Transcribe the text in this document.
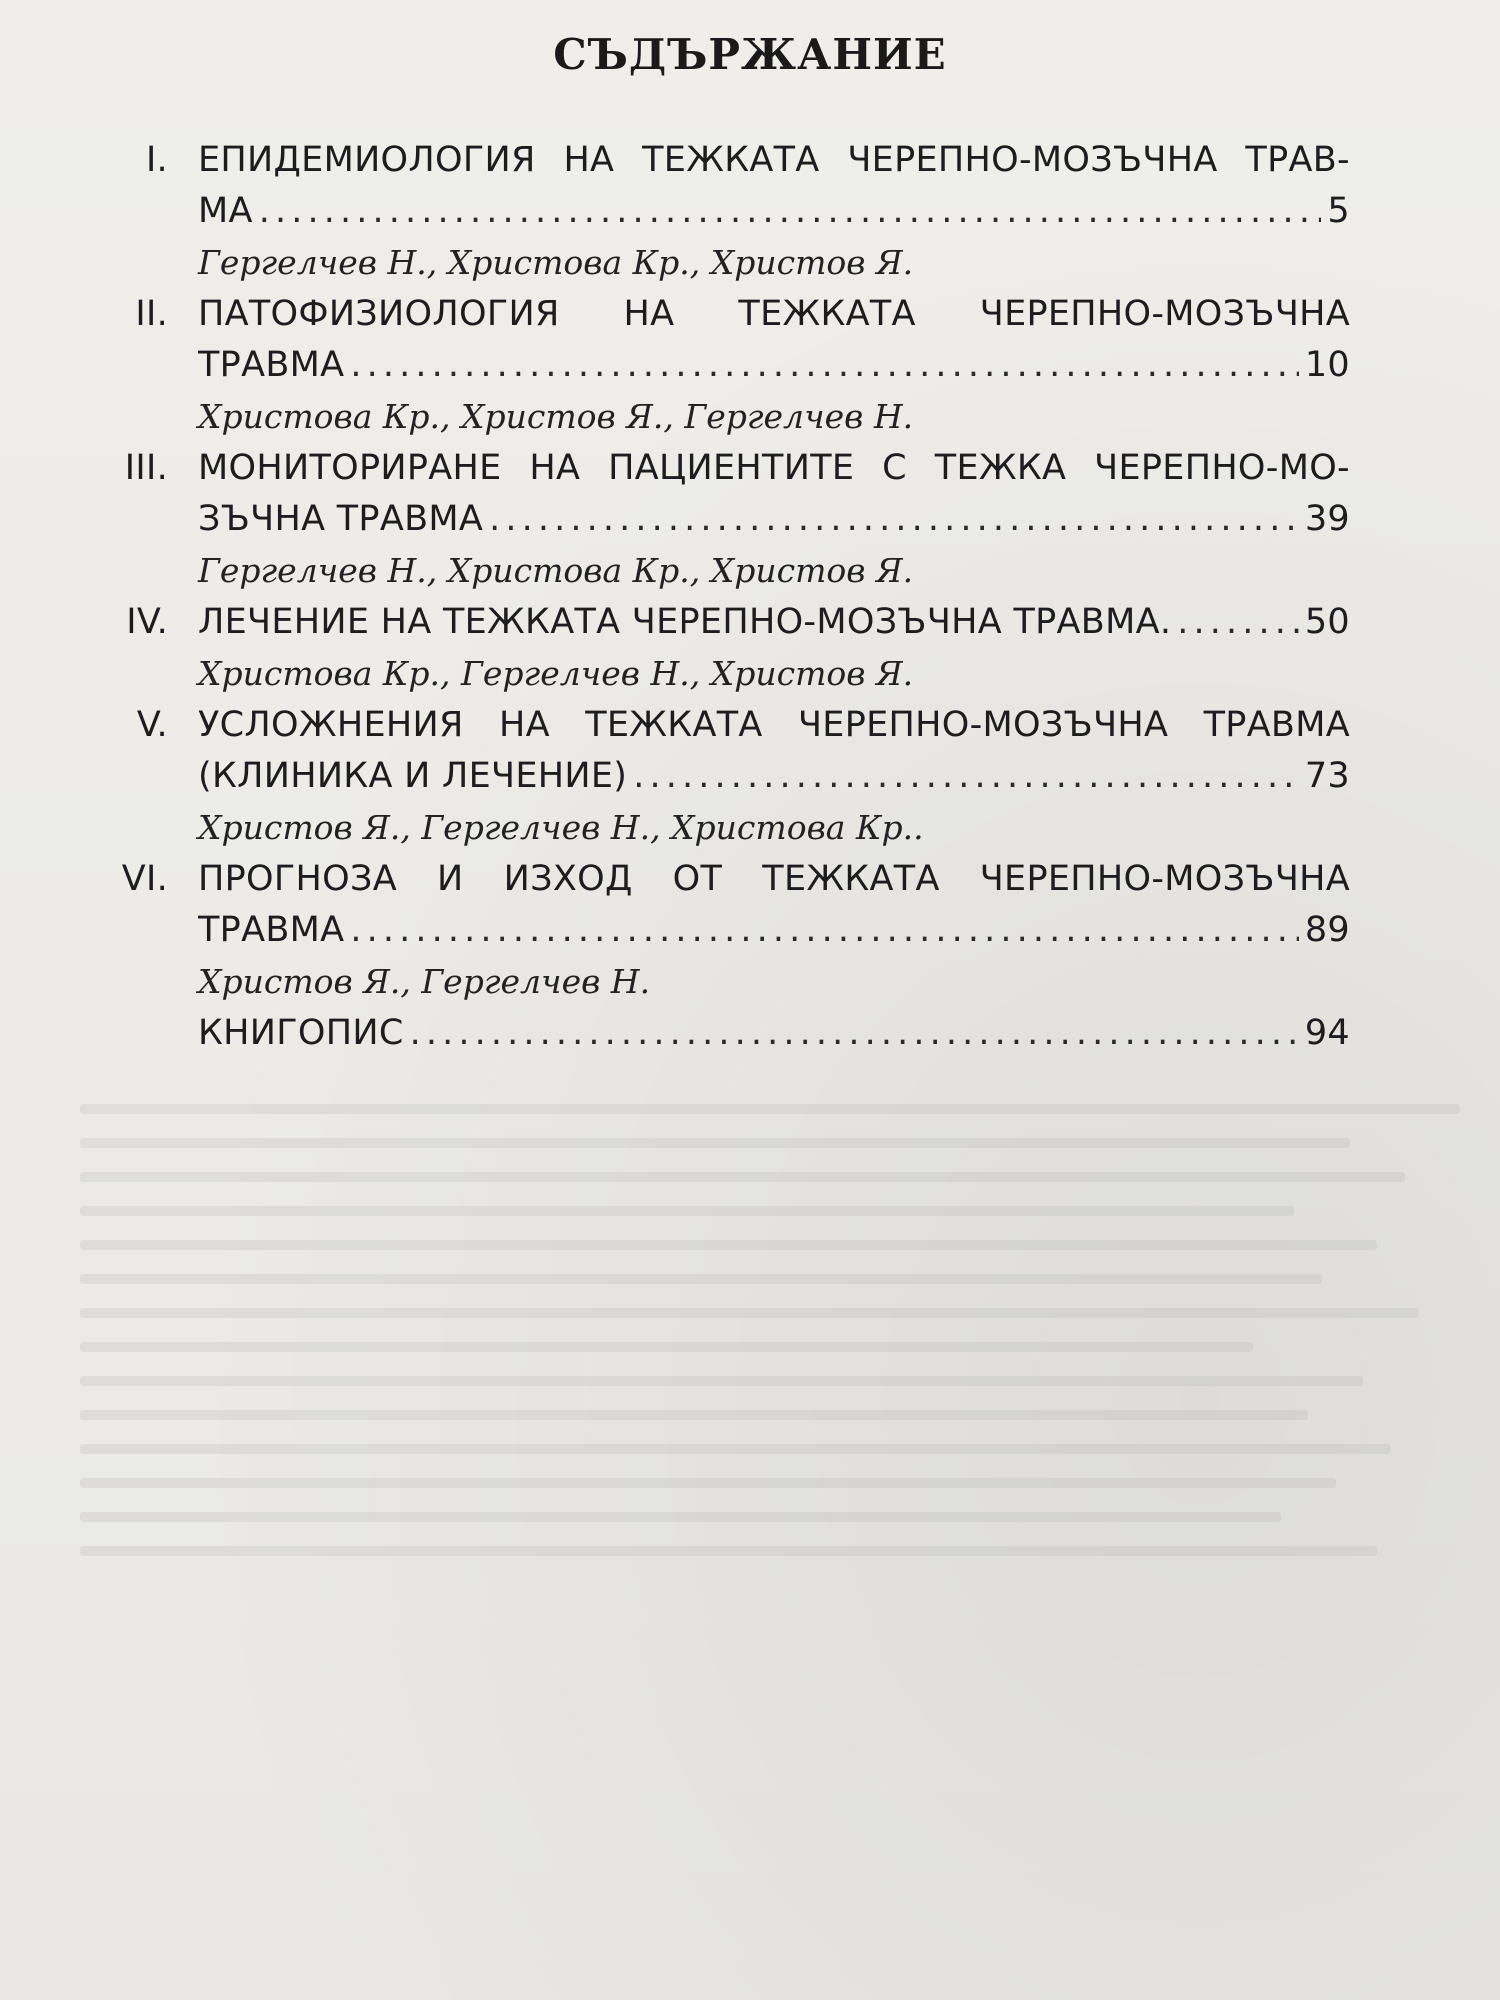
СЪДЪРЖАНИЕ
I. ЕПИДЕМИОЛОГИЯ НА ТЕЖКАТА ЧЕРЕПНО-МОЗЪЧНА ТРАВ-
МА . . .	5
Гергелчев Н., Христова Кр., Христов Я.
II. ПАТОФИЗИОЛОГИЯ НА ТЕЖКАТА ЧЕРЕПНО-МОЗЪЧНА
ТРАВМА . . .	10
Христова Кр., Христов Я., Гергелчев Н.
III. МОНИТОРИРАНЕ НА ПАЦИЕНТИТЕ С ТЕЖКА ЧЕРЕПНО-МО-
ЗЪЧНА ТРАВМА . . .	39
Гергелчев Н., Христова Кр., Христов Я.
IV. ЛЕЧЕНИЕ НА ТЕЖКАТА ЧЕРЕПНО-МОЗЪЧНА ТРАВМА. . . .	50
Христова Кр., Гергелчев Н., Христов Я.
V. УСЛОЖНЕНИЯ НА ТЕЖКАТА ЧЕРЕПНО-МОЗЪЧНА ТРАВМА
(КЛИНИКА И ЛЕЧЕНИЕ) . . .	73
Христов Я., Гергелчев Н., Христова Кр..
VI. ПРОГНОЗА И ИЗХОД ОТ ТЕЖКАТА ЧЕРЕПНО-МОЗЪЧНА
ТРАВМА . . .	89
Христов Я., Гергелчев Н.
КНИГОПИС . . .	94
